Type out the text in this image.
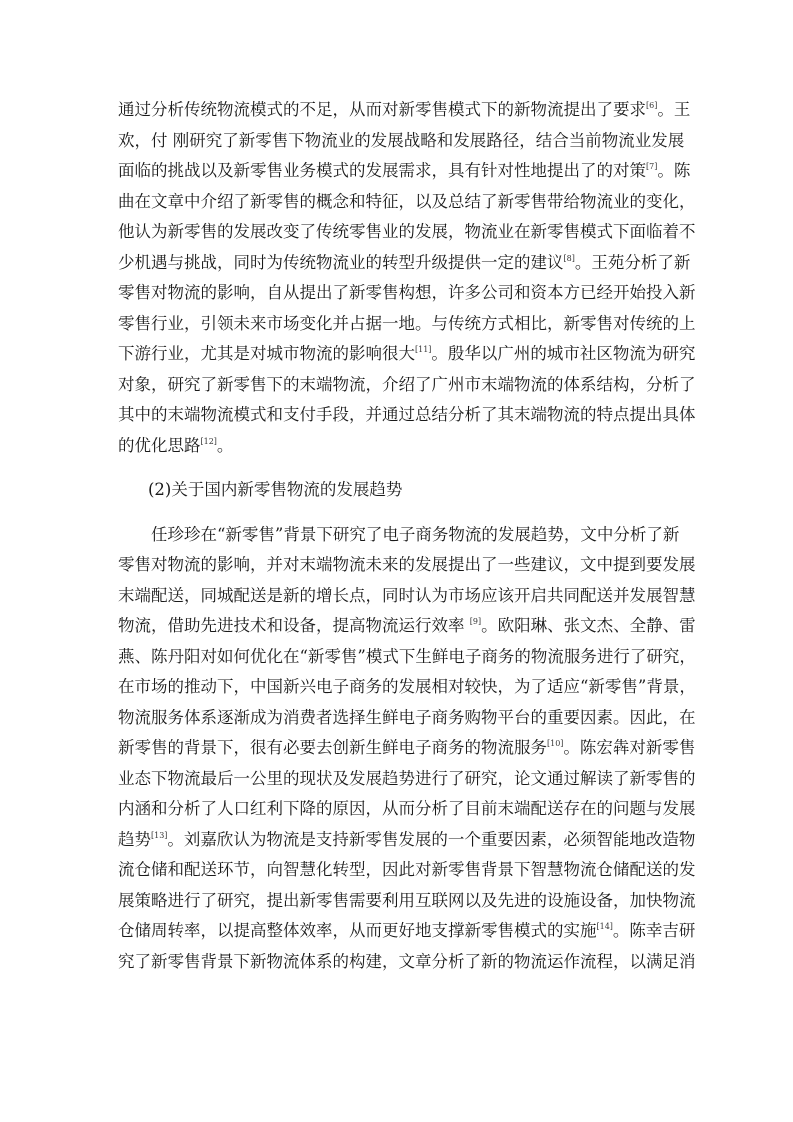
通过分析传统物流模式的不足，从而对新零售模式下的新物流提出了要求[6]。王
欢，付 刚研究了新零售下物流业的发展战略和发展路径，结合当前物流业发展
面临的挑战以及新零售业务模式的发展需求，具有针对性地提出了的对策[7]。陈
曲在文章中介绍了新零售的概念和特征，以及总结了新零售带给物流业的变化，
他认为新零售的发展改变了传统零售业的发展，物流业在新零售模式下面临着不
少机遇与挑战，同时为传统物流业的转型升级提供一定的建议[8]。王苑分析了新
零售对物流的影响，自从提出了新零售构想，许多公司和资本方已经开始投入新
零售行业，引领未来市场变化并占据一地。与传统方式相比，新零售对传统的上
下游行业，尤其是对城市物流的影响很大[11]。殷华以广州的城市社区物流为研究
对象，研究了新零售下的末端物流，介绍了广州市末端物流的体系结构，分析了
其中的末端物流模式和支付手段，并通过总结分析了其末端物流的特点提出具体
的优化思路[12]。
(2)关于国内新零售物流的发展趋势
任珍珍在“新零售”背景下研究了电子商务物流的发展趋势，文中分析了新
零售对物流的影响，并对末端物流未来的发展提出了一些建议，文中提到要发展
末端配送，同城配送是新的增长点，同时认为市场应该开启共同配送并发展智慧
物流，借助先进技术和设备，提高物流运行效率 [9]。欧阳琳、张文杰、全静、雷
燕、陈丹阳对如何优化在“新零售”模式下生鲜电子商务的物流服务进行了研究，
在市场的推动下，中国新兴电子商务的发展相对较快，为了适应“新零售”背景，
物流服务体系逐渐成为消费者选择生鲜电子商务购物平台的重要因素。因此，在
新零售的背景下，很有必要去创新生鲜电子商务的物流服务[10]。陈宏犇对新零售
业态下物流最后一公里的现状及发展趋势进行了研究，论文通过解读了新零售的
内涵和分析了人口红利下降的原因，从而分析了目前末端配送存在的问题与发展
趋势[13]。刘嘉欣认为物流是支持新零售发展的一个重要因素，必须智能地改造物
流仓储和配送环节，向智慧化转型，因此对新零售背景下智慧物流仓储配送的发
展策略进行了研究，提出新零售需要利用互联网以及先进的设施设备，加快物流
仓储周转率，以提高整体效率，从而更好地支撑新零售模式的实施[14]。陈幸吉研
究了新零售背景下新物流体系的构建，文章分析了新的物流运作流程，以满足消
